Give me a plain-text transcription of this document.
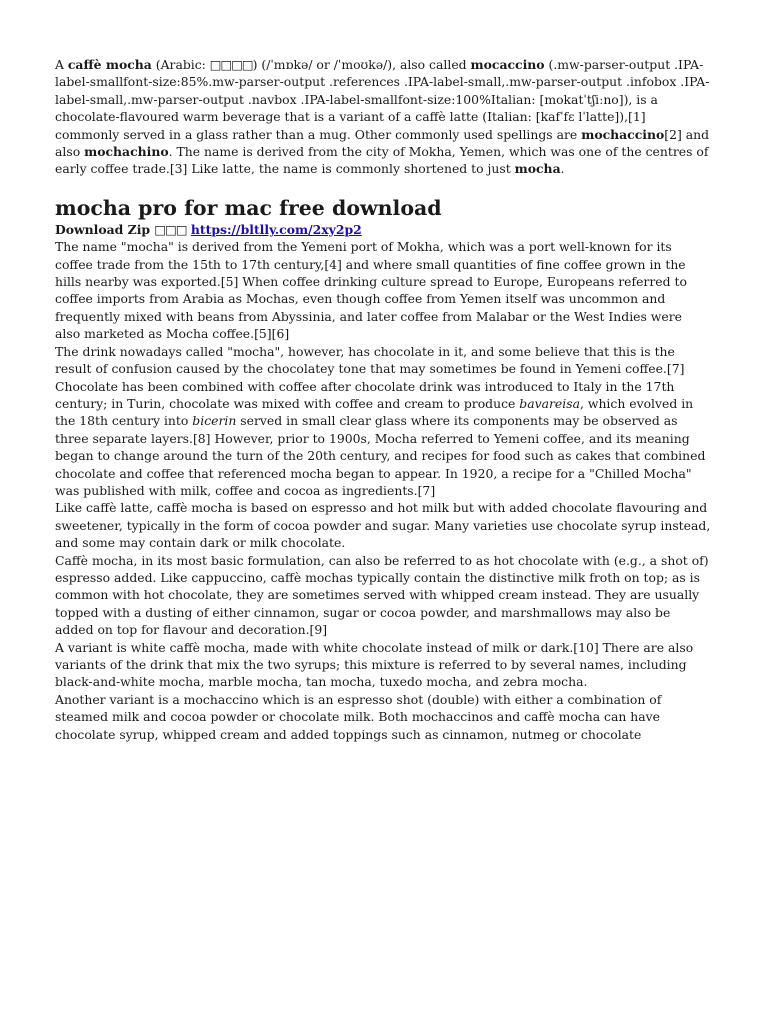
A caffè mocha (Arabic: □□□□) (/ˈmɒkə/ or /ˈmoʊkə/), also called mocaccino (.mw-parser-output .IPA-label-smallfont-size:85%.mw-parser-output .references .IPA-label-small,.mw-parser-output .infobox .IPA-label-small,.mw-parser-output .navbox .IPA-label-smallfont-size:100%Italian: [mokatˈtʃiːno]), is a chocolate-flavoured warm beverage that is a variant of a caffè latte (Italian: [kafˈfɛ lˈlatte]),[1] commonly served in a glass rather than a mug. Other commonly used spellings are mochaccino[2] and also mochachino. The name is derived from the city of Mokha, Yemen, which was one of the centres of early coffee trade.[3] Like latte, the name is commonly shortened to just mocha.

mocha pro for mac free download

Download Zip □□□ https://bltlly.com/2xy2p2

The name "mocha" is derived from the Yemeni port of Mokha, which was a port well-known for its coffee trade from the 15th to 17th century,[4] and where small quantities of fine coffee grown in the hills nearby was exported.[5] When coffee drinking culture spread to Europe, Europeans referred to coffee imports from Arabia as Mochas, even though coffee from Yemen itself was uncommon and frequently mixed with beans from Abyssinia, and later coffee from Malabar or the West Indies were also marketed as Mocha coffee.[5][6]

The drink nowadays called "mocha", however, has chocolate in it, and some believe that this is the result of confusion caused by the chocolatey tone that may sometimes be found in Yemeni coffee.[7] Chocolate has been combined with coffee after chocolate drink was introduced to Italy in the 17th century; in Turin, chocolate was mixed with coffee and cream to produce bavareisa, which evolved in the 18th century into bicerin served in small clear glass where its components may be observed as three separate layers.[8] However, prior to 1900s, Mocha referred to Yemeni coffee, and its meaning began to change around the turn of the 20th century, and recipes for food such as cakes that combined chocolate and coffee that referenced mocha began to appear. In 1920, a recipe for a "Chilled Mocha" was published with milk, coffee and cocoa as ingredients.[7]

Like caffè latte, caffè mocha is based on espresso and hot milk but with added chocolate flavouring and sweetener, typically in the form of cocoa powder and sugar. Many varieties use chocolate syrup instead, and some may contain dark or milk chocolate.

Caffè mocha, in its most basic formulation, can also be referred to as hot chocolate with (e.g., a shot of) espresso added. Like cappuccino, caffè mochas typically contain the distinctive milk froth on top; as is common with hot chocolate, they are sometimes served with whipped cream instead. They are usually topped with a dusting of either cinnamon, sugar or cocoa powder, and marshmallows may also be added on top for flavour and decoration.[9]

A variant is white caffè mocha, made with white chocolate instead of milk or dark.[10] There are also variants of the drink that mix the two syrups; this mixture is referred to by several names, including black-and-white mocha, marble mocha, tan mocha, tuxedo mocha, and zebra mocha.

Another variant is a mochaccino which is an espresso shot (double) with either a combination of steamed milk and cocoa powder or chocolate milk. Both mochaccinos and caffè mocha can have chocolate syrup, whipped cream and added toppings such as cinnamon, nutmeg or chocolate
